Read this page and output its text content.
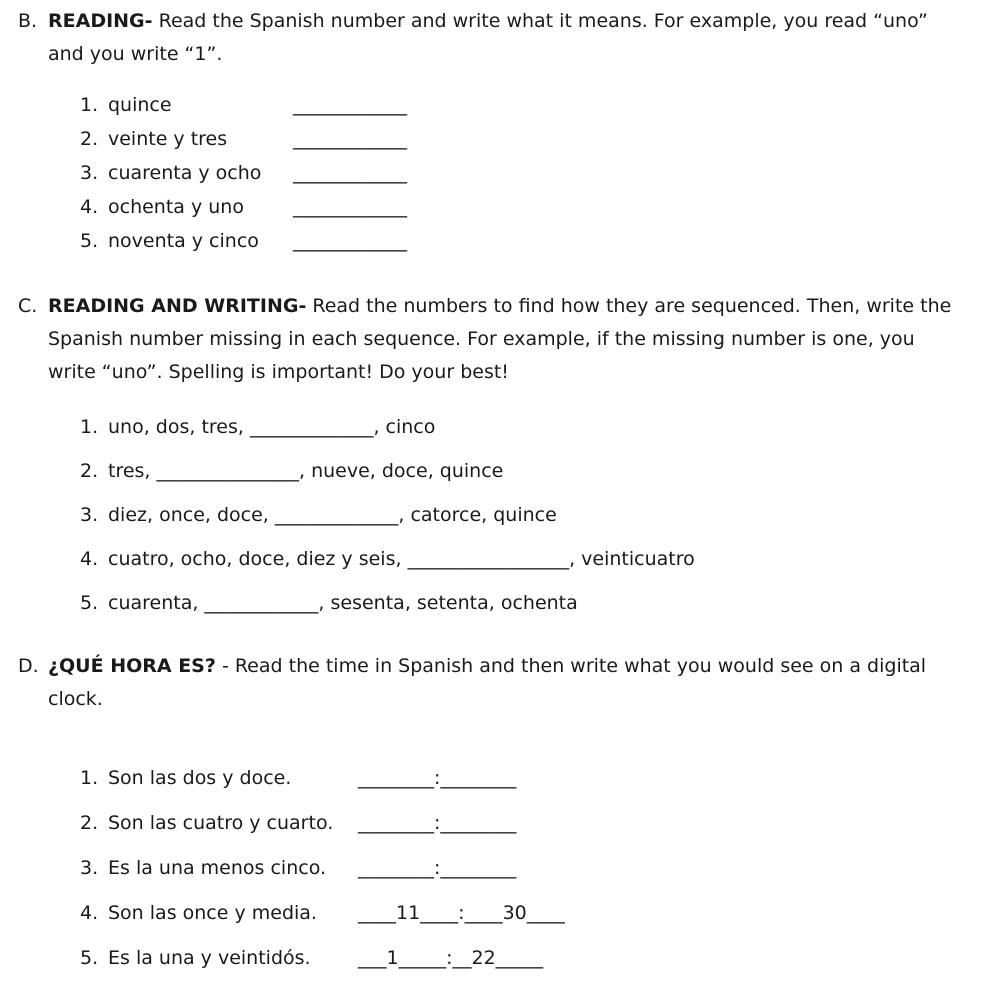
B. READING- Read the Spanish number and write what it means. For example, you read “uno” and you write “1”.

1. quince	____________
2. veinte y tres	____________
3. cuarenta y ocho	____________
4. ochenta y uno	____________
5. noventa y cinco	____________
C. READING AND WRITING- Read the numbers to find how they are sequenced. Then, write the Spanish number missing in each sequence. For example, if the missing number is one, you write “uno”. Spelling is important! Do your best!

1. uno, dos, tres, _____________, cinco
2. tres, _______________, nueve, doce, quince
3. diez, once, doce, _____________, catorce, quince
4. cuatro, ocho, doce, diez y seis, _________________, veinticuatro
5. cuarenta, ____________, sesenta, setenta, ochenta
D. ¿QUÉ HORA ES? - Read the time in Spanish and then write what you would see on a digital clock.

1. Son las dos y doce.	________:________
2. Son las cuatro y cuarto.	________:________
3. Es la una menos cinco.	________:________
4. Son las once y media.	____11____:____30____
5. Es la una y veintidós.	___1_____:__22_____
